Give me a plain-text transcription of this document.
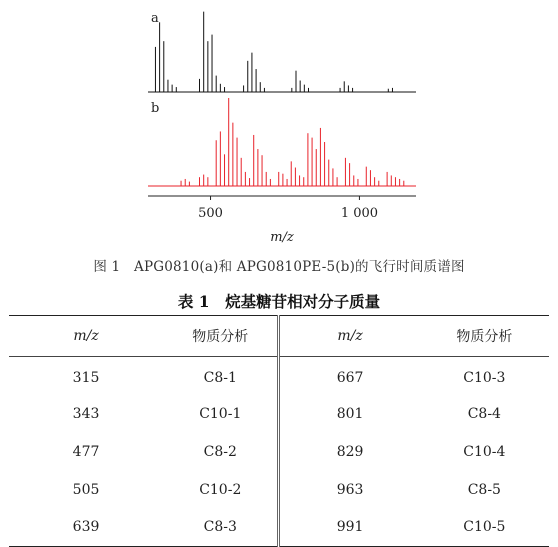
a
b
500	1 000
m/z
图 1　APG0810(a)和 APG0810PE-5(b)的飞行时间质谱图
表 1　烷基糖苷相对分子质量
m/z	物质分析	m/z	物质分析
315	C8-1	667	C10-3
343	C10-1	801	C8-4
477	C8-2	829	C10-4
505	C10-2	963	C8-5
639	C8-3	991	C10-5
